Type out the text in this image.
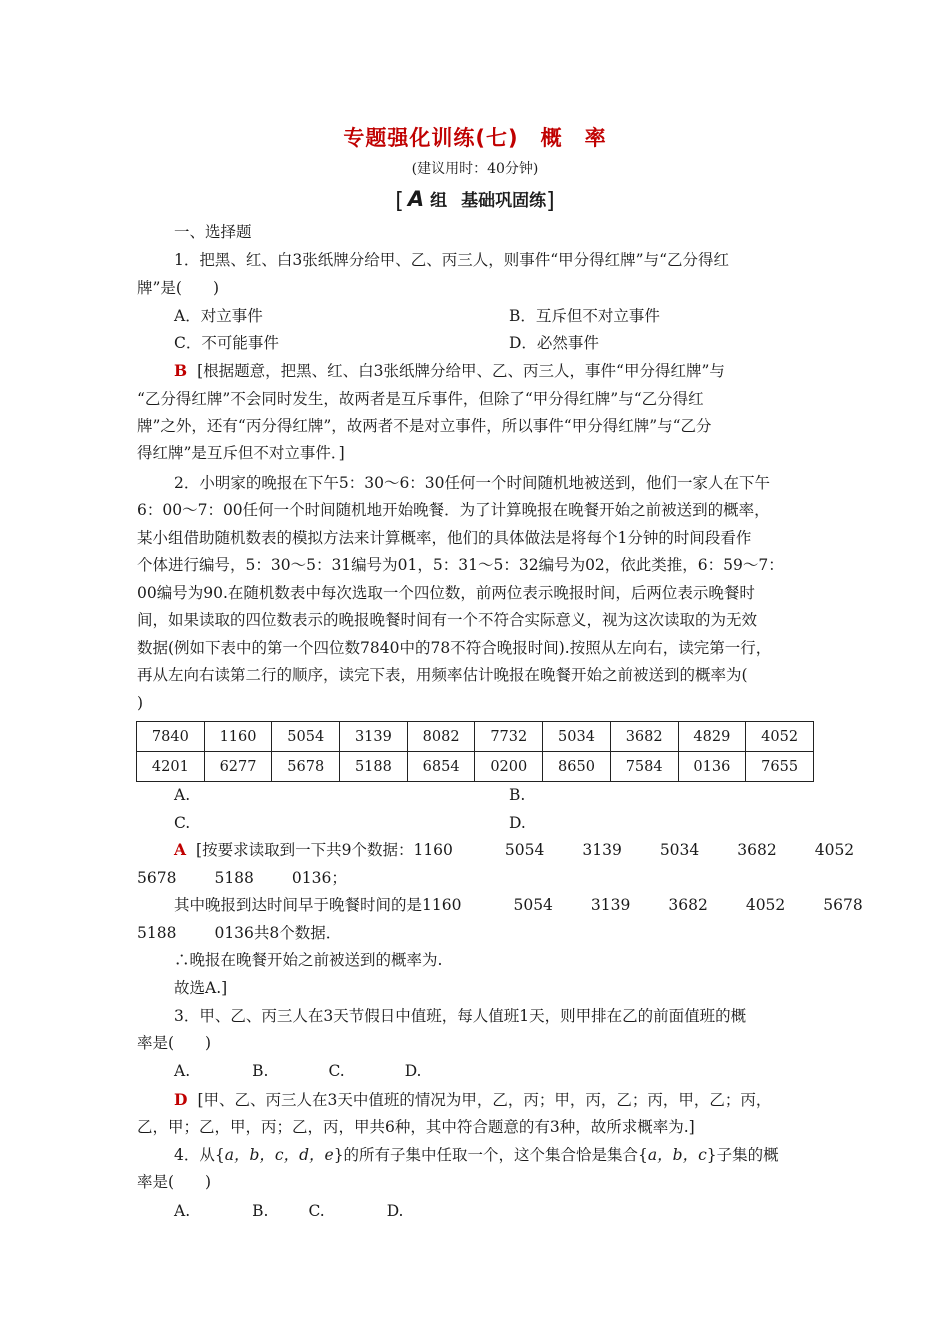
专题强化训练(七) 概　率
(建议用时：40分钟)
[ A 组 基础巩固练]
一、选择题
1．把黑、红、白3张纸牌分给甲、乙、丙三人，则事件“甲分得红牌”与“乙分得红
牌”是(　　)
A．对立事件	B．互斥但不对立事件
C．不可能事件	D．必然事件
B [根据题意，把黑、红、白3张纸牌分给甲、乙、丙三人，事件“甲分得红牌”与
“乙分得红牌”不会同时发生，故两者是互斥事件，但除了“甲分得红牌”与“乙分得红
牌”之外，还有“丙分得红牌”，故两者不是对立事件，所以事件“甲分得红牌”与“乙分
得红牌”是互斥但不对立事件．]
2．小明家的晚报在下午5：30～6：30任何一个时间随机地被送到，他们一家人在下午
6：00～7：00任何一个时间随机地开始晚餐．为了计算晚报在晚餐开始之前被送到的概率，
某小组借助随机数表的模拟方法来计算概率，他们的具体做法是将每个1分钟的时间段看作
个体进行编号，5：30～5：31编号为01，5：31～5：32编号为02，依此类推，6：59～7：
00编号为90.在随机数表中每次选取一个四位数，前两位表示晚报时间，后两位表示晚餐时
间，如果读取的四位数表示的晚报晚餐时间有一个不符合实际意义，视为这次读取的为无效
数据(例如下表中的第一个四位数7840中的78不符合晚报时间).按照从左向右，读完第一行，
再从左向右读第二行的顺序，读完下表，用频率估计晚报在晚餐开始之前被送到的概率为(
)
7840	1160	5054	3139	8082	7732	5034	3682	4829	4052
4201	6277	5678	5188	6854	0200	8650	7584	0136	7655
A.	B.
C.	D.
A [按要求读取到一下共9个数据：1160	5054 3139 5034 3682 4052
5678 5188 0136；
其中晚报到达时间早于晚餐时间的是1160	5054 3139 3682 4052 5678
5188 0136共8个数据．
∴晚报在晚餐开始之前被送到的概率为.
故选A.]
3．甲、乙、丙三人在3天节假日中值班，每人值班1天，则甲排在乙的前面值班的概
率是(　　)
A.	B.	C.	D.
D [甲、乙、丙三人在3天中值班的情况为甲，乙，丙；甲，丙，乙；丙，甲，乙；丙，
乙，甲；乙，甲，丙；乙，丙，甲共6种，其中符合题意的有3种，故所求概率为.]
4．从{a，b，c，d，e}的所有子集中任取一个，这个集合恰是集合{a，b，c}子集的概
率是(　　)
A.	B.	C.	D.
